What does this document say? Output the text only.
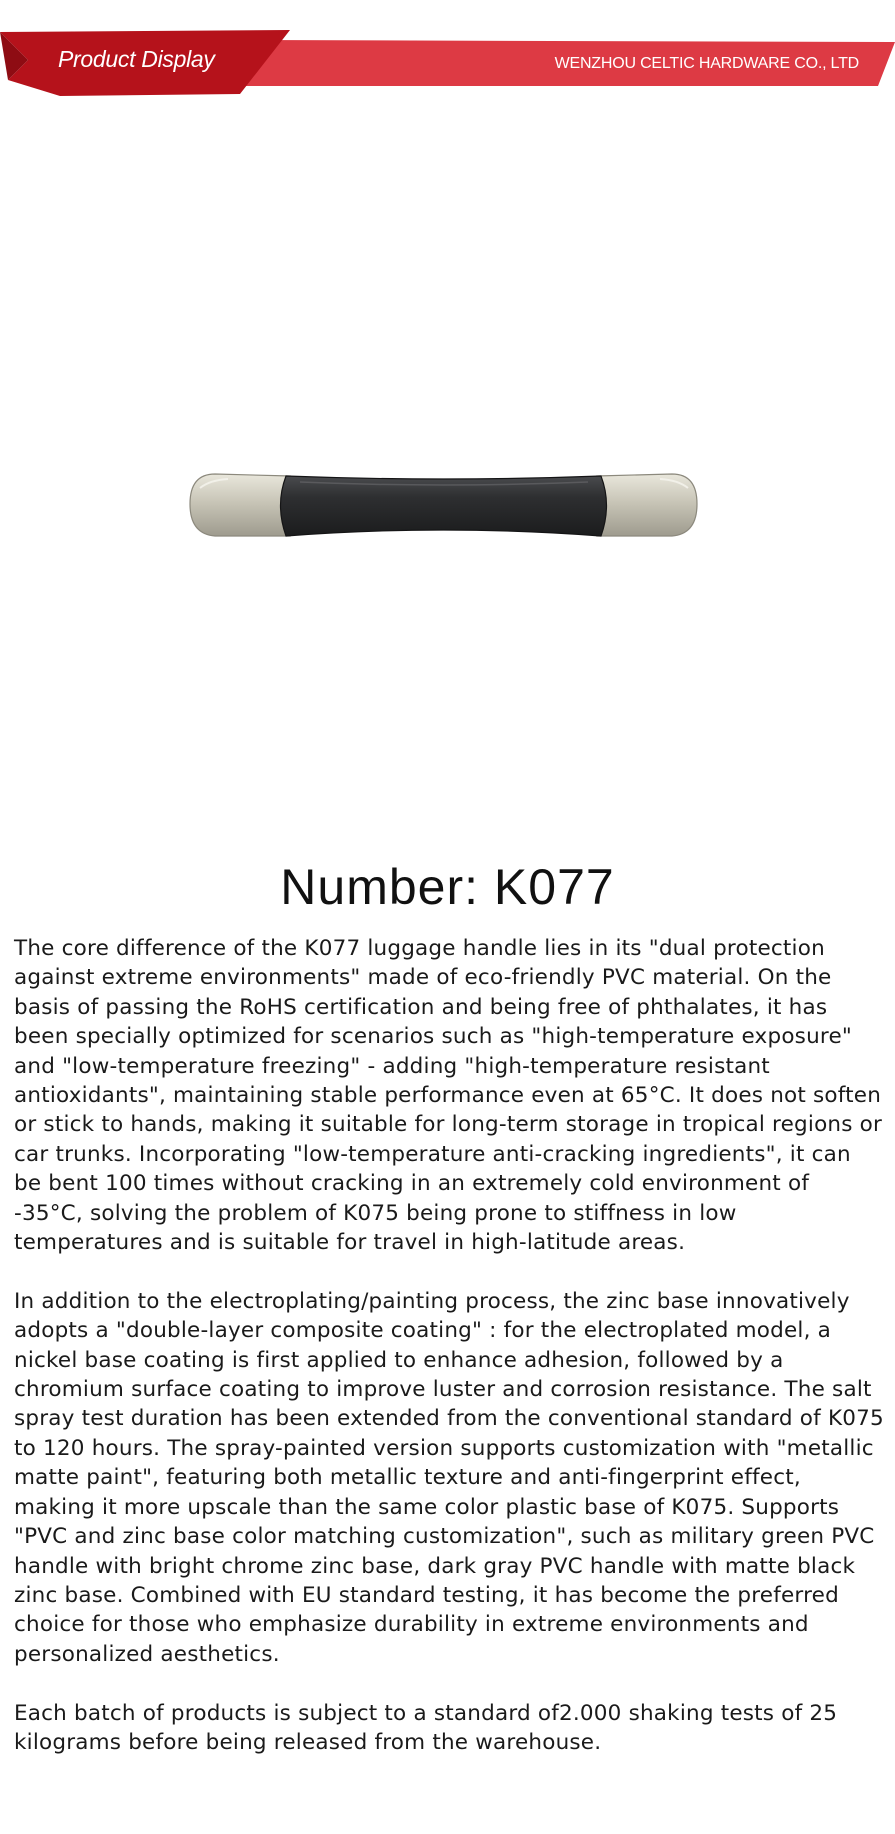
Product Display	WENZHOU CELTIC HARDWARE CO., LTD
Number: K077

The core difference of the K077 luggage handle lies in its "dual protection against extreme environments" made of eco-friendly PVC material. On the basis of passing the RoHS certification and being free of phthalates, it has been specially optimized for scenarios such as "high-temperature exposure" and "low-temperature freezing" - adding "high-temperature resistant antioxidants", maintaining stable performance even at 65°C. It does not soften or stick to hands, making it suitable for long-term storage in tropical regions or car trunks. Incorporating "low-temperature anti-cracking ingredients", it can be bent 100 times without cracking in an extremely cold environment of -35°C, solving the problem of K075 being prone to stiffness in low temperatures and is suitable for travel in high-latitude areas.

In addition to the electroplating/painting process, the zinc base innovatively adopts a "double-layer composite coating" : for the electroplated model, a nickel base coating is first applied to enhance adhesion, followed by a chromium surface coating to improve luster and corrosion resistance. The salt spray test duration has been extended from the conventional standard of K075 to 120 hours. The spray-painted version supports customization with "metallic matte paint", featuring both metallic texture and anti-fingerprint effect, making it more upscale than the same color plastic base of K075. Supports "PVC and zinc base color matching customization", such as military green PVC handle with bright chrome zinc base, dark gray PVC handle with matte black zinc base. Combined with EU standard testing, it has become the preferred choice for those who emphasize durability in extreme environments and personalized aesthetics.

Each batch of products is subject to a standard of2.000 shaking tests of 25 kilograms before being released from the warehouse.
